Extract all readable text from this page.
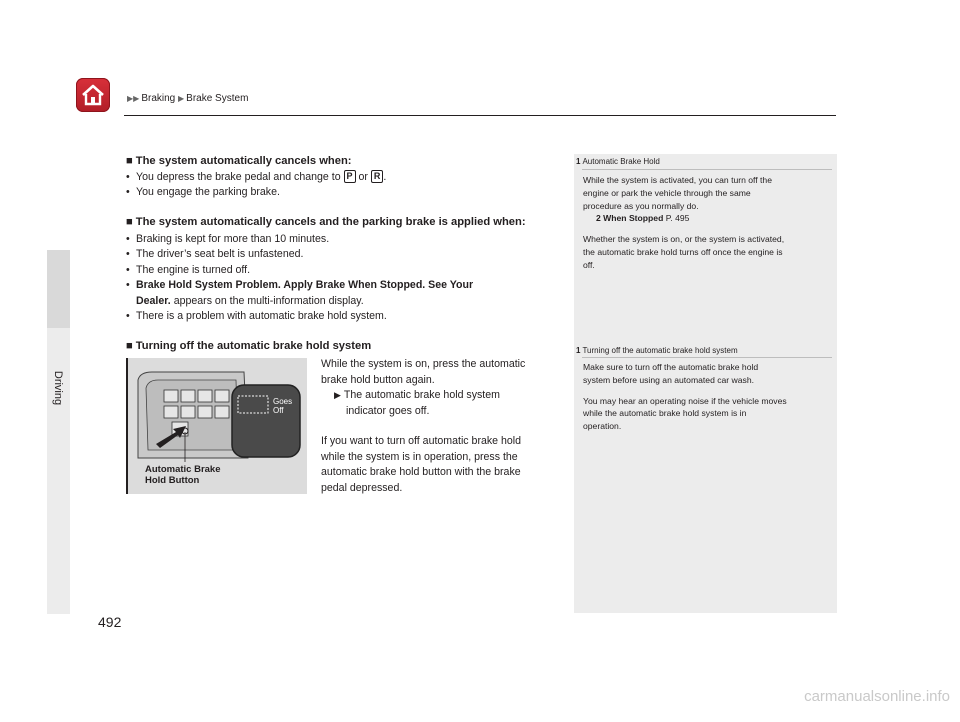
▶▶ Braking ▶ Brake System
Driving
492
■ The system automatically cancels when:
• You depress the brake pedal and change to P or R .
• You engage the parking brake.
■ The system automatically cancels and the parking brake is applied when:
• Braking is kept for more than 10 minutes.
• The driver’s seat belt is unfastened.
• The engine is turned off.
• Brake Hold System Problem. Apply Brake When Stopped. See Your
Dealer. appears on the multi-information display.
• There is a problem with automatic brake hold system.
■ Turning off the automatic brake hold system
Goes
Off
Automatic Brake
Hold Button
While the system is on, press the automatic
brake hold button again.
▶ The automatic brake hold system
indicator goes off.
If you want to turn off automatic brake hold
while the system is in operation, press the
automatic brake hold button with the brake
pedal depressed.
1 Automatic Brake Hold
While the system is activated, you can turn off the
engine or park the vehicle through the same
procedure as you normally do.
2 When Stopped P. 495
Whether the system is on, or the system is activated,
the automatic brake hold turns off once the engine is
off.
1 Turning off the automatic brake hold system
Make sure to turn off the automatic brake hold
system before using an automated car wash.
You may hear an operating noise if the vehicle moves
while the automatic brake hold system is in
operation.
carmanualsonline.info
